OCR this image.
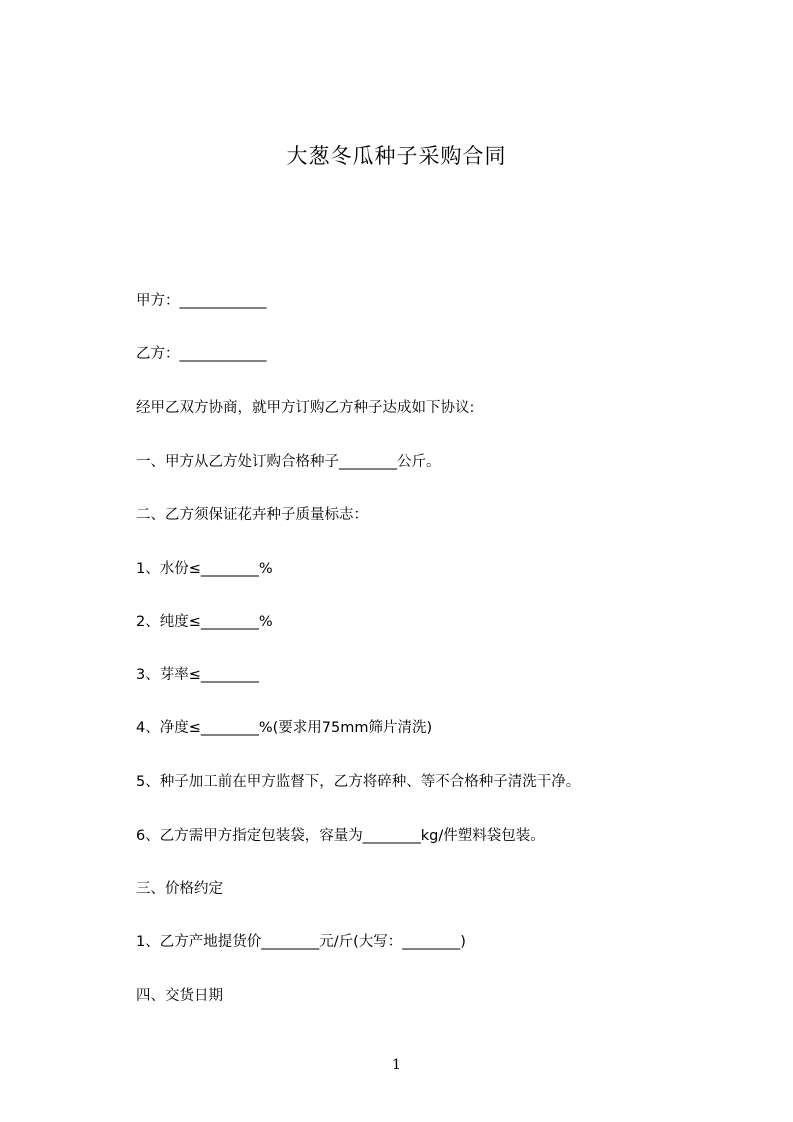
大葱冬瓜种子采购合同
甲方：____________
乙方：____________
经甲乙双方协商，就甲方订购乙方种子达成如下协议:
一、甲方从乙方处订购合格种子________公斤。
二、乙方须保证花卉种子质量标志：
1、水份≤________%
2、纯度≤________%
3、芽率≤________
4、净度≤________%(要求用75mm筛片清洗)
5、种子加工前在甲方监督下，乙方将碎种、等不合格种子清洗干净。
6、乙方需甲方指定包装袋，容量为________kg/件塑料袋包装。
三、价格约定
1、乙方产地提货价________元/斤(大写：________)
四、交货日期
1
